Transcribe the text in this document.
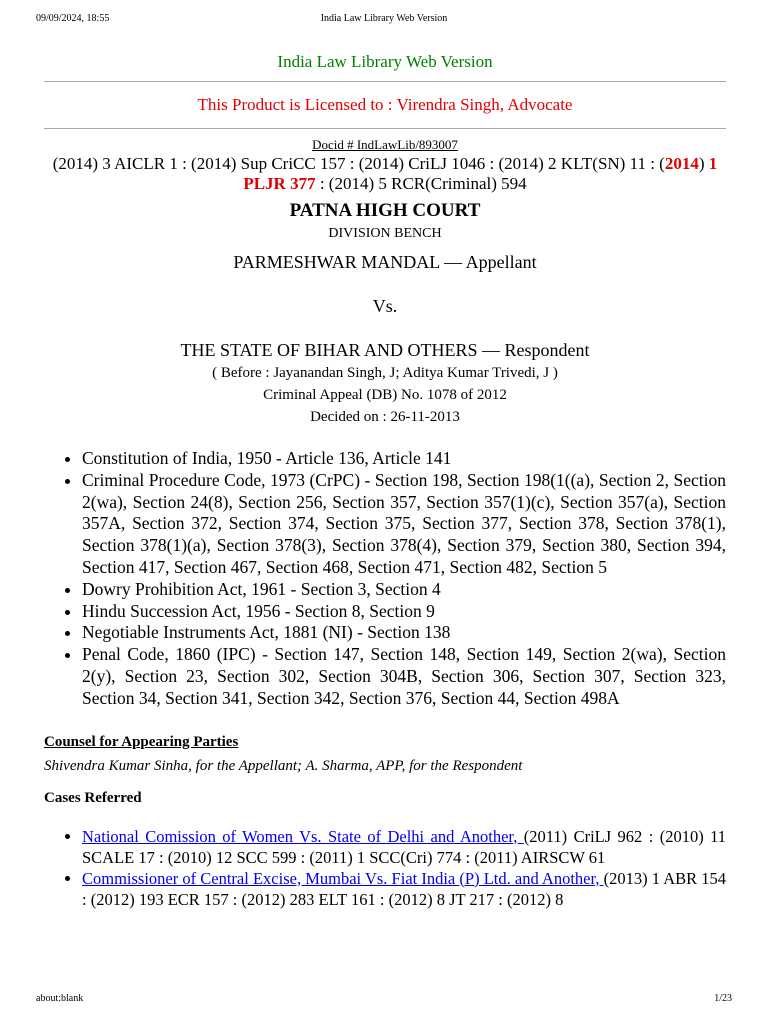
09/09/2024, 18:55	India Law Library Web Version
India Law Library Web Version
This Product is Licensed to : Virendra Singh, Advocate
Docid # IndLawLib/893007
(2014) 3 AICLR 1 : (2014) Sup CriCC 157 : (2014) CriLJ 1046 : (2014) 2 KLT(SN) 11 : (2014) 1 PLJR 377 : (2014) 5 RCR(Criminal) 594
PATNA HIGH COURT
DIVISION BENCH
PARMESHWAR MANDAL — Appellant
Vs.
THE STATE OF BIHAR AND OTHERS — Respondent
( Before : Jayanandan Singh, J; Aditya Kumar Trivedi, J )
Criminal Appeal (DB) No. 1078 of 2012
Decided on : 26-11-2013
• Constitution of India, 1950 - Article 136, Article 141
• Criminal Procedure Code, 1973 (CrPC) - Section 198, Section 198(1((a), Section 2, Section 2(wa), Section 24(8), Section 256, Section 357, Section 357(1)(c), Section 357(a), Section 357A, Section 372, Section 374, Section 375, Section 377, Section 378, Section 378(1), Section 378(1)(a), Section 378(3), Section 378(4), Section 379, Section 380, Section 394, Section 417, Section 467, Section 468, Section 471, Section 482, Section 5
• Dowry Prohibition Act, 1961 - Section 3, Section 4
• Hindu Succession Act, 1956 - Section 8, Section 9
• Negotiable Instruments Act, 1881 (NI) - Section 138
• Penal Code, 1860 (IPC) - Section 147, Section 148, Section 149, Section 2(wa), Section 2(y), Section 23, Section 302, Section 304B, Section 306, Section 307, Section 323, Section 34, Section 341, Section 342, Section 376, Section 44, Section 498A
Counsel for Appearing Parties
Shivendra Kumar Sinha, for the Appellant; A. Sharma, APP, for the Respondent
Cases Referred
• National Comission of Women Vs. State of Delhi and Another, (2011) CriLJ 962 : (2010) 11 SCALE 17 : (2010) 12 SCC 599 : (2011) 1 SCC(Cri) 774 : (2011) AIRSCW 61
• Commissioner of Central Excise, Mumbai Vs. Fiat India (P) Ltd. and Another, (2013) 1 ABR 154 : (2012) 193 ECR 157 : (2012) 283 ELT 161 : (2012) 8 JT 217 : (2012) 8
about:blank	1/23
